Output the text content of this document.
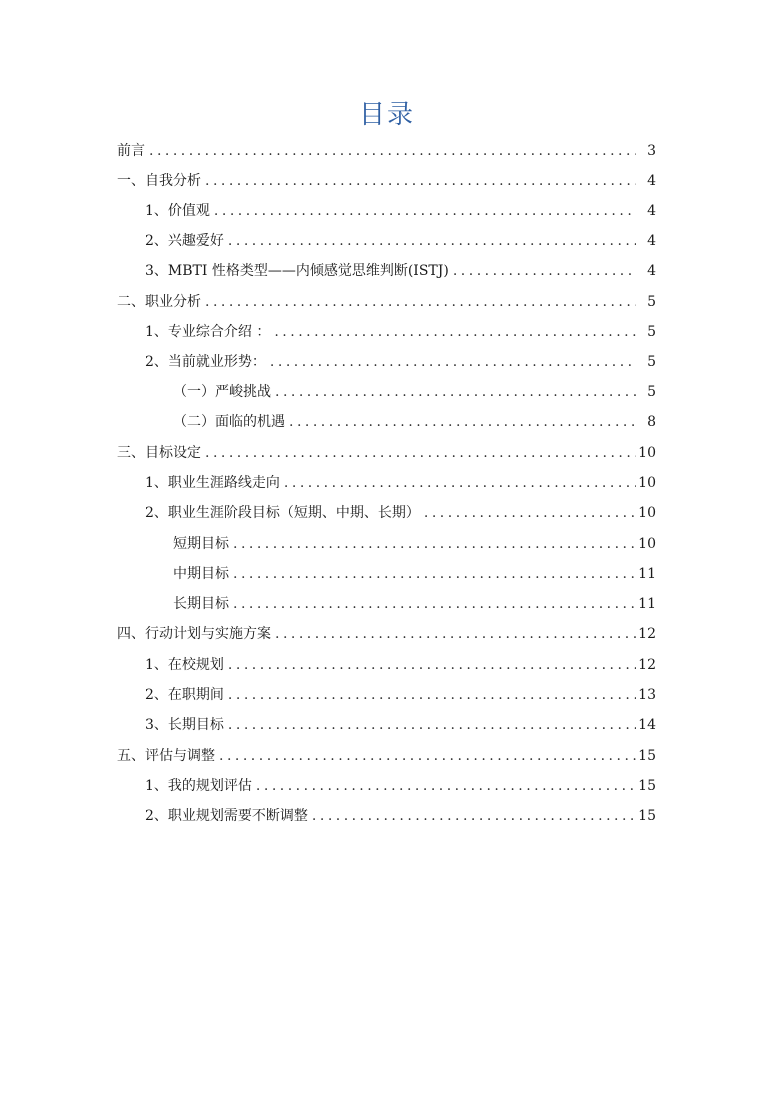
目录
前言 .....	3
一、自我分析 .....	4
1、价值观 .....	4
2、兴趣爱好 .....	4
3、MBTI 性格类型——内倾感觉思维判断(ISTJ) .....	4
二、职业分析 .....	5
1、专业综合介绍 ： .....	5
2、当前就业形势： .....	5
（一）严峻挑战 .....	5
（二）面临的机遇 .....	8
三、目标设定 .....	10
1、职业生涯路线走向 .....	10
2、职业生涯阶段目标（短期、中期、长期） .....	10
短期目标 .....	10
中期目标 .....	11
长期目标 .....	11
四、行动计划与实施方案 .....	12
1、在校规划 .....	12
2、在职期间 .....	13
3、长期目标 .....	14
五、评估与调整 .....	15
1、我的规划评估 .....	15
2、职业规划需要不断调整 .....	15
